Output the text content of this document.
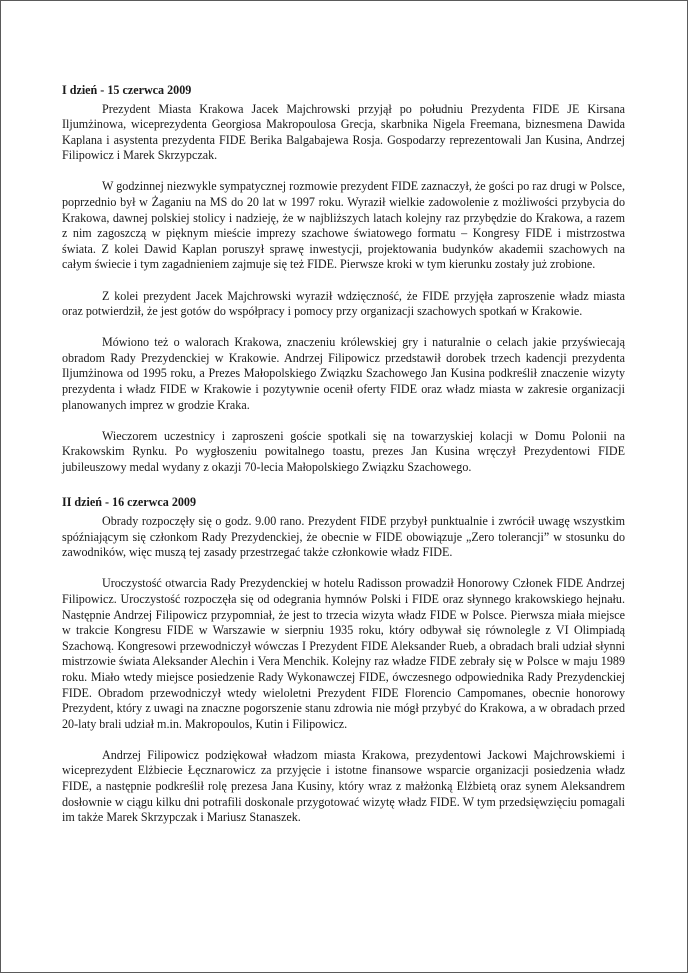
I dzień - 15 czerwca 2009

Prezydent Miasta Krakowa Jacek Majchrowski przyjął po południu Prezydenta FIDE JE Kirsana Iljumżinowa, wiceprezydenta Georgiosa Makropoulosa Grecja, skarbnika Nigela Freemana, biznesmena Dawida Kaplana i asystenta prezydenta FIDE Berika Balgabajewa Rosja. Gospodarzy reprezentowali Jan Kusina, Andrzej Filipowicz i Marek Skrzypczak.

W godzinnej niezwykle sympatycznej rozmowie prezydent FIDE zaznaczył, że gości po raz drugi w Polsce, poprzednio był w Żaganiu na MS do 20 lat w 1997 roku. Wyraził wielkie zadowolenie z możliwości przybycia do Krakowa, dawnej polskiej stolicy i nadzieję, że w najbliższych latach kolejny raz przybędzie do Krakowa, a razem z nim zagoszczą w pięknym mieście imprezy szachowe światowego formatu – Kongresy FIDE i mistrzostwa świata. Z kolei Dawid Kaplan poruszył sprawę inwestycji, projektowania budynków akademii szachowych na całym świecie i tym zagadnieniem zajmuje się też FIDE. Pierwsze kroki w tym kierunku zostały już zrobione.

Z kolei prezydent Jacek Majchrowski wyraził wdzięczność, że FIDE przyjęła zaproszenie władz miasta oraz potwierdził, że jest gotów do współpracy i pomocy przy organizacji szachowych spotkań w Krakowie.

Mówiono też o walorach Krakowa, znaczeniu królewskiej gry i naturalnie o celach jakie przyświecają obradom Rady Prezydenckiej w Krakowie. Andrzej Filipowicz przedstawił dorobek trzech kadencji prezydenta Iljumżinowa od 1995 roku, a Prezes Małopolskiego Związku Szachowego Jan Kusina podkreślił znaczenie wizyty prezydenta i władz FIDE w Krakowie i pozytywnie ocenił oferty FIDE oraz władz miasta w zakresie organizacji planowanych imprez w grodzie Kraka.

Wieczorem uczestnicy i zaproszeni goście spotkali się na towarzyskiej kolacji w Domu Polonii na Krakowskim Rynku. Po wygłoszeniu powitalnego toastu, prezes Jan Kusina wręczył Prezydentowi FIDE jubileuszowy medal wydany z okazji 70-lecia Małopolskiego Związku Szachowego.

II dzień - 16 czerwca 2009

Obrady rozpoczęły się o godz. 9.00 rano. Prezydent FIDE przybył punktualnie i zwrócił uwagę wszystkim spóźniającym się członkom Rady Prezydenckiej, że obecnie w FIDE obowiązuje „Zero tolerancji” w stosunku do zawodników, więc muszą tej zasady przestrzegać także członkowie władz FIDE.

Uroczystość otwarcia Rady Prezydenckiej w hotelu Radisson prowadził Honorowy Członek FIDE Andrzej Filipowicz. Uroczystość rozpoczęła się od odegrania hymnów Polski i FIDE oraz słynnego krakowskiego hejnału. Następnie Andrzej Filipowicz przypomniał, że jest to trzecia wizyta władz FIDE w Polsce. Pierwsza miała miejsce w trakcie Kongresu FIDE w Warszawie w sierpniu 1935 roku, który odbywał się równolegle z VI Olimpiadą Szachową. Kongresowi przewodniczył wówczas I Prezydent FIDE Aleksander Rueb, a obradach brali udział słynni mistrzowie świata Aleksander Alechin i Vera Menchik. Kolejny raz władze FIDE zebrały się w Polsce w maju 1989 roku. Miało wtedy miejsce posiedzenie Rady Wykonawczej FIDE, ówczesnego odpowiednika Rady Prezydenckiej FIDE. Obradom przewodniczył wtedy wieloletni Prezydent FIDE Florencio Campomanes, obecnie honorowy Prezydent, który z uwagi na znaczne pogorszenie stanu zdrowia nie mógł przybyć do Krakowa, a w obradach przed 20-laty brali udział m.in. Makropoulos, Kutin i Filipowicz.

Andrzej Filipowicz podziękował władzom miasta Krakowa, prezydentowi Jackowi Majchrowskiemi i wiceprezydent Elżbiecie Łęcznarowicz za przyjęcie i istotne finansowe wsparcie organizacji posiedzenia władz FIDE, a następnie podkreślił rolę prezesa Jana Kusiny, który wraz z małżonką Elżbietą oraz synem Aleksandrem dosłownie w ciągu kilku dni potrafili doskonale przygotować wizytę władz FIDE. W tym przedsięwzięciu pomagali im także Marek Skrzypczak i Mariusz Stanaszek.
